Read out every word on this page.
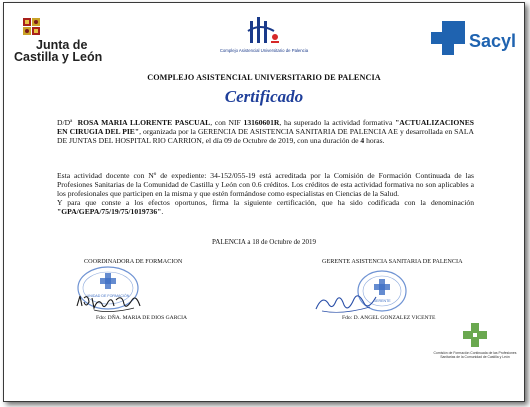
Junta de
Castilla y León	Complejo Asistencial Universitario de Palencia	Sacyl
COMPLEJO ASISTENCIAL UNIVERSITARIO DE PALENCIA
Certificado
D/Dª ROSA MARIA LLORENTE PASCUAL, con NIF 13160601R, ha superado la actividad formativa "ACTUALIZACIONES EN CIRUGIA DEL PIE", organizada por la GERENCIA DE ASISTENCIA SANITARIA DE PALENCIA AE y desarrollada en SALA DE JUNTAS DEL HOSPITAL RIO CARRION, el día 09 de Octubre de 2019, con una duración de 4 horas.
Esta actividad docente con Nº de expediente: 34-152/055-19 está acreditada por la Comisión de Formación Continuada de las Profesiones Sanitarias de la Comunidad de Castilla y León con 0.6 créditos. Los créditos de esta actividad formativa no son aplicables a los profesionales que participen en la misma y que estén formándose como especialistas en Ciencias de la Salud.
Y para que conste a los efectos oportunos, firma la siguiente certificación, que ha sido codificada con la denominación "GPA/GEPA/75/19/75/1019736".
PALENCIA a 18 de Octubre de 2019
COORDINADORA DE FORMACION	GERENTE ASISTENCIA SANITARIA DE PALENCIA
UNIDAD DE FORMACIÓN
GERENTE
Fdo: DÑA. MARIA DE DIOS GARCIA	Fdo: D. ANGEL GONZALEZ VICENTE
Comisión de Formación Continuada de las Profesiones Sanitarias de la Comunidad de Castilla y León
